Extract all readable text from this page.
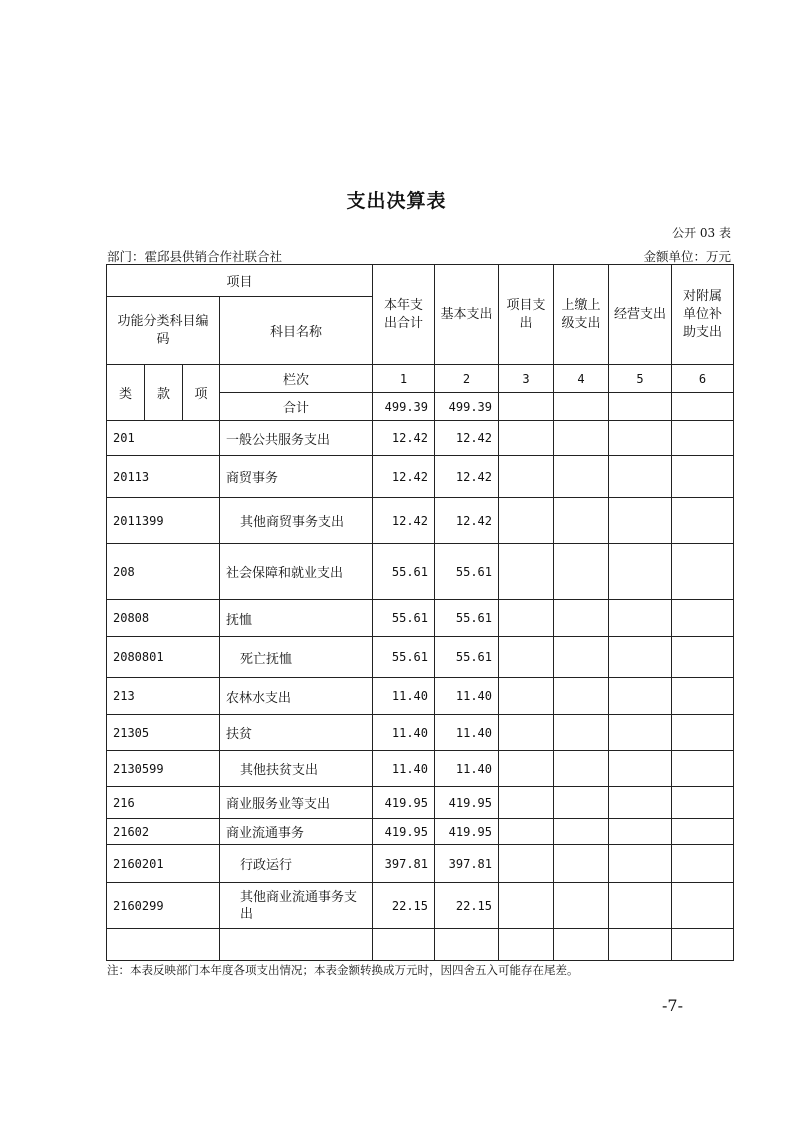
支出决算表
公开 03 表
部门：霍邱县供销合作社联合社	金额单位：万元
项目				本年支出合计	基本支出	项目支出	上缴上级支出	经营支出	对附属单位补助支出
功能分类科目编码			科目名称						
类	款	项	栏次	1	2	3	4	5	6
			合计	499.39	499.39				
201			一般公共服务支出	12.42	12.42				
20113			商贸事务	12.42	12.42				
2011399			其他商贸事务支出	12.42	12.42				
208			社会保障和就业支出	55.61	55.61				
20808			抚恤	55.61	55.61				
2080801			死亡抚恤	55.61	55.61				
213			农林水支出	11.40	11.40				
21305			扶贫	11.40	11.40				
2130599			其他扶贫支出	11.40	11.40				
216			商业服务业等支出	419.95	419.95				
21602			商业流通事务	419.95	419.95				
2160201			行政运行	397.81	397.81				
2160299			其他商业流通事务支出	22.15	22.15				

注：本表反映部门本年度各项支出情况；本表金额转换成万元时，因四舍五入可能存在尾差。
-7-
